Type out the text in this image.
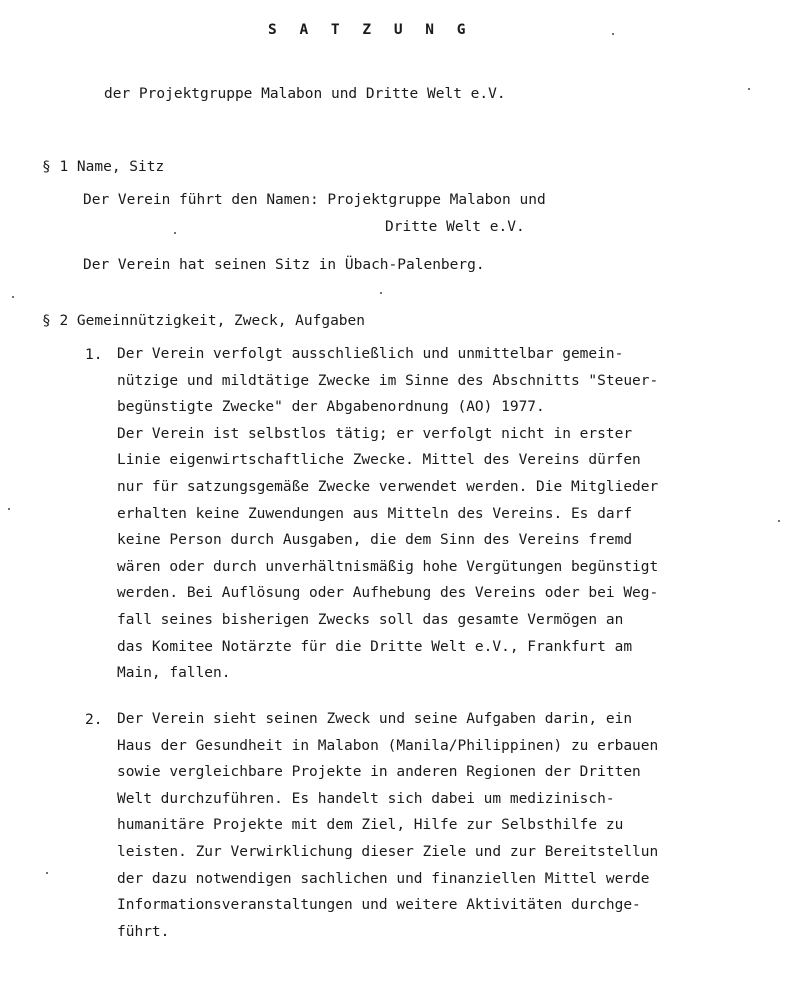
S A T Z U N G
der Projektgruppe Malabon und Dritte Welt e.V.
§ 1 Name, Sitz
Der Verein führt den Namen: Projektgruppe Malabon und
Dritte Welt e.V.
Der Verein hat seinen Sitz in Übach-Palenberg.
§ 2 Gemeinnützigkeit, Zweck, Aufgaben
1. Der Verein verfolgt ausschließlich und unmittelbar gemein-
nützige und mildtätige Zwecke im Sinne des Abschnitts "Steuer-
begünstigte Zwecke" der Abgabenordnung (AO) 1977.
Der Verein ist selbstlos tätig; er verfolgt nicht in erster
Linie eigenwirtschaftliche Zwecke. Mittel des Vereins dürfen
nur für satzungsgemäße Zwecke verwendet werden. Die Mitglieder
erhalten keine Zuwendungen aus Mitteln des Vereins. Es darf
keine Person durch Ausgaben, die dem Sinn des Vereins fremd
wären oder durch unverhältnismäßig hohe Vergütungen begünstigt
werden. Bei Auflösung oder Aufhebung des Vereins oder bei Weg-
fall seines bisherigen Zwecks soll das gesamte Vermögen an
das Komitee Notärzte für die Dritte Welt e.V., Frankfurt am
Main, fallen.
2. Der Verein sieht seinen Zweck und seine Aufgaben darin, ein
Haus der Gesundheit in Malabon (Manila/Philippinen) zu erbauen
sowie vergleichbare Projekte in anderen Regionen der Dritten
Welt durchzuführen. Es handelt sich dabei um medizinisch-
humanitäre Projekte mit dem Ziel, Hilfe zur Selbsthilfe zu
leisten. Zur Verwirklichung dieser Ziele und zur Bereitstellun
der dazu notwendigen sachlichen und finanziellen Mittel werde
Informationsveranstaltungen und weitere Aktivitäten durchge-
führt.
